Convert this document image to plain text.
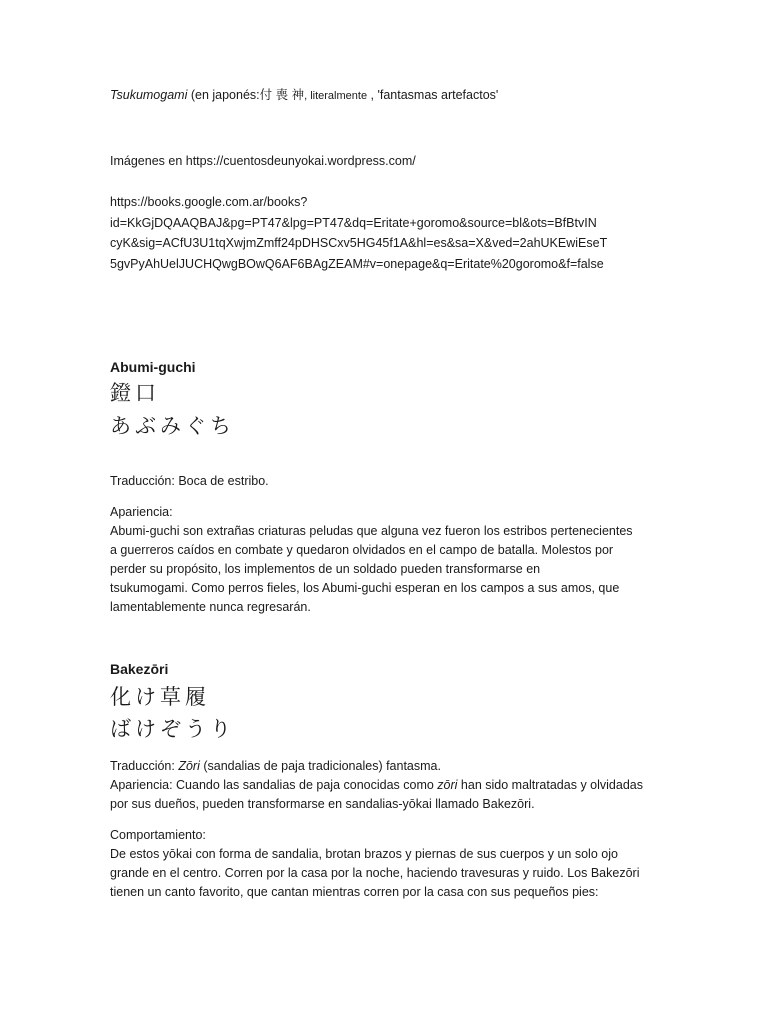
Tsukumogami (en japonés:付 喪 神, literalmente , 'fantasmas artefactos'
Imágenes en https://cuentosdeunyokai.wordpress.com/
https://books.google.com.ar/books?
id=KkGjDQAAQBAJ&pg=PT47&lpg=PT47&dq=Eritate+goromo&source=bl&ots=BfBtvIN
cyK&sig=ACfU3U1tqXwjmZmff24pDHSCxv5HG45f1A&hl=es&sa=X&ved=2ahUKEwiEseT
5gvPyAhUelJUCHQwgBOwQ6AF6BAgZEAM#v=onepage&q=Eritate%20goromo&f=false
Abumi-guchi
鐙口
あぶみぐち
Traducción: Boca de estribo.
Apariencia:
Abumi-guchi son extrañas criaturas peludas que alguna vez fueron los estribos pertenecientes
a guerreros caídos en combate y quedaron olvidados en el campo de batalla. Molestos por
perder su propósito, los implementos de un soldado pueden transformarse en
tsukumogami. Como perros fieles, los Abumi-guchi esperan en los campos a sus amos, que
lamentablemente nunca regresarán.
Bakezōri
化け草履
ばけぞうり
Traducción: Zōri (sandalias de paja tradicionales) fantasma.
Apariencia: Cuando las sandalias de paja conocidas como zōri han sido maltratadas y olvidadas
por sus dueños, pueden transformarse en sandalias-yōkai llamado Bakezōri.
Comportamiento:
De estos yōkai con forma de sandalia, brotan brazos y piernas de sus cuerpos y un solo ojo
grande en el centro. Corren por la casa por la noche, haciendo travesuras y ruido. Los Bakezōri
tienen un canto favorito, que cantan mientras corren por la casa con sus pequeños pies:
